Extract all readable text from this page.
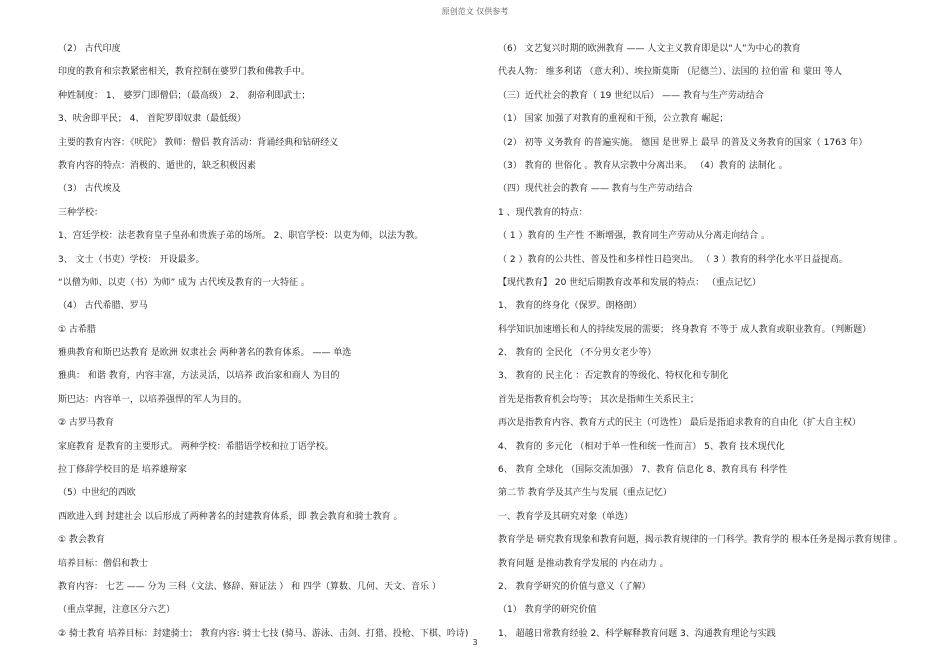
原创范文 仅供参考
（2） 古代印度
印度的教育和宗教紧密相关，教育控制在婆罗门教和佛教手中。
种姓制度： 1、 婆罗门即僧侣；（最高级） 2、 刹帝利即武士；
3、吠舍即平民； 4、 首陀罗即奴隶（最低级）
主要的教育内容：《吠陀》 教师：僧侣 教育活动：背诵经典和钻研经义
教育内容的特点：消极的、遁世的，缺乏积极因素
（3） 古代埃及
三种学校：
1、宫廷学校：法老教育皇子皇孙和贵族子弟的场所。 2、职官学校：以吏为师，以法为教。
3、 文士（书吏）学校： 开设最多。
“以僧为师、以吏（书）为师” 成为 古代埃及教育的一大特征 。
（4） 古代希腊、罗马
① 古希腊
雅典教育和斯巴达教育 是欧洲 奴隶社会 两种著名的教育体系。 —— 单选
雅典： 和谐 教育，内容丰富，方法灵活，以培养 政治家和商人 为目的
斯巴达：内容单一，以培养强悍的军人为目的。
② 古罗马教育
家庭教育 是教育的主要形式。 两种学校：希腊语学校和拉丁语学校。
拉丁修辞学校目的是 培养雄辩家
（5）中世纪的西欧
西欧进入到 封建社会 以后形成了两种著名的封建教育体系，即 教会教育和骑士教育 。
① 教会教育
培养目标：僧侣和教士
教育内容： 七艺 —— 分为 三科（文法、修辞、辩证法 ） 和 四学（算数、几何、天文、音乐 ）
（重点掌握，注意区分六艺）
② 骑士教育 培养目标：封建骑士； 教育内容: 骑士七技 (骑马、游泳、击剑、打猎、投枪、下棋、吟诗)
（6） 文艺复兴时期的欧洲教育 —— 人文主义教育即是以“人”为中心的教育
代表人物： 维多利诺 （意大利）、埃拉斯莫斯 （尼德兰）、法国的 拉伯雷 和 蒙田 等人
（三）近代社会的教育（ 19 世纪以后） —— 教育与生产劳动结合
（1） 国家 加强了对教育的重视和干预，公立教育 崛起；
（2） 初等 义务教育 的普遍实施。 德国 是世界上 最早 的普及义务教育的国家（ 1763 年）
（3） 教育的 世俗化 。教育从宗教中分离出来。 （4）教育的 法制化 。
（四）现代社会的教育 —— 教育与生产劳动结合
1 、现代教育的特点：
（ 1 ）教育的 生产性 不断增强，教育同生产劳动从分离走向结合 。
（ 2 ）教育的公共性、普及性和多样性日趋突出。 （ 3 ）教育的科学化水平日益提高。
【现代教育】 20 世纪后期教育改革和发展的特点： （重点记忆）
1、 教育的终身化（保罗。朗格朗）
科学知识加速增长和人的持续发展的需要； 终身教育 不等于 成人教育或职业教育。（判断题）
2、 教育的 全民化 （不分男女老少等）
3、 教育的 民主化 ：否定教育的等级化、特权化和专制化
首先是指教育机会均等； 其次是指师生关系民主；
再次是指教育内容、教育方式的民主（可选性） 最后是指追求教育的自由化（扩大自主权）
4、 教育的 多元化 （相对于单一性和统一性而言） 5、教育 技术现代化
6、 教育 全球化 （国际交流加强） 7、教育 信息化 8、教育具有 科学性
第二节 教育学及其产生与发展（重点记忆）
一、教育学及其研究对象（单选）
教育学是 研究教育现象和教育问题，揭示教育规律的一门科学。教育学的 根本任务是揭示教育规律 。
教育问题 是推动教育学发展的 内在动力 。
2、 教育学研究的价值与意义（了解）
（1） 教育学的研究价值
1、 超越日常教育经验 2、科学解释教育问题 3、沟通教育理论与实践
3
